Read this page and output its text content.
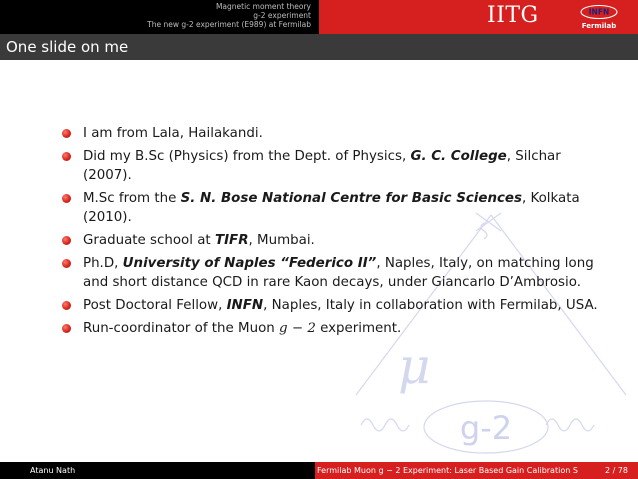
Magnetic moment theory
g-2 experiment
The new g-2 experiment (E989) at Fermilab	IITG	INFN
Fermilab
One slide on me
μ
g-2
I am from Lala, Hailakandi.
Did my B.Sc (Physics) from the Dept. of Physics, G. C. College, Silchar (2007).
M.Sc from the S. N. Bose National Centre for Basic Sciences, Kolkata (2010).
Graduate school at TIFR, Mumbai.
Ph.D, University of Naples “Federico II”, Naples, Italy, on matching long and short distance QCD in rare Kaon decays, under Giancarlo D’Ambrosio.
Post Doctoral Fellow, INFN, Naples, Italy in collaboration with Fermilab, USA.
Run-coordinator of the Muon g − 2 experiment.
Atanu Nath	Fermilab Muon g − 2 Experiment: Laser Based Gain Calibration S	2 / 78
